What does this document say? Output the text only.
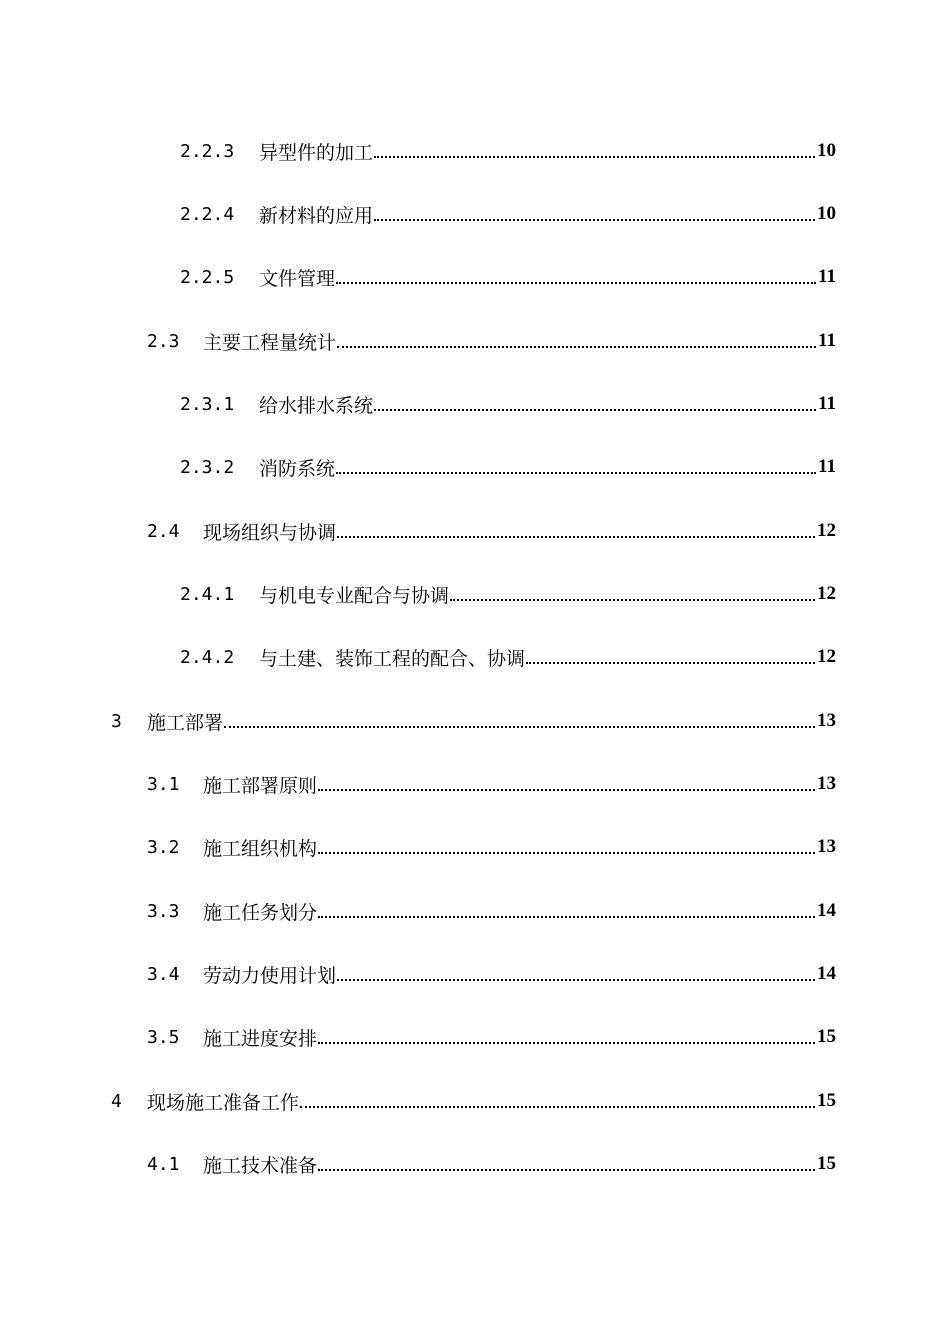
2.2.3	异型件的加工	10
2.2.4	新材料的应用	10
2.2.5	文件管理	11
2.3	主要工程量统计	11
2.3.1	给水排水系统	11
2.3.2	消防系统	11
2.4	现场组织与协调	12
2.4.1	与机电专业配合与协调	12
2.4.2	与土建、装饰工程的配合、协调	12
3	施工部署	13
3.1	施工部署原则	13
3.2	施工组织机构	13
3.3	施工任务划分	14
3.4	劳动力使用计划	14
3.5	施工进度安排	15
4	现场施工准备工作	15
4.1	施工技术准备	15
